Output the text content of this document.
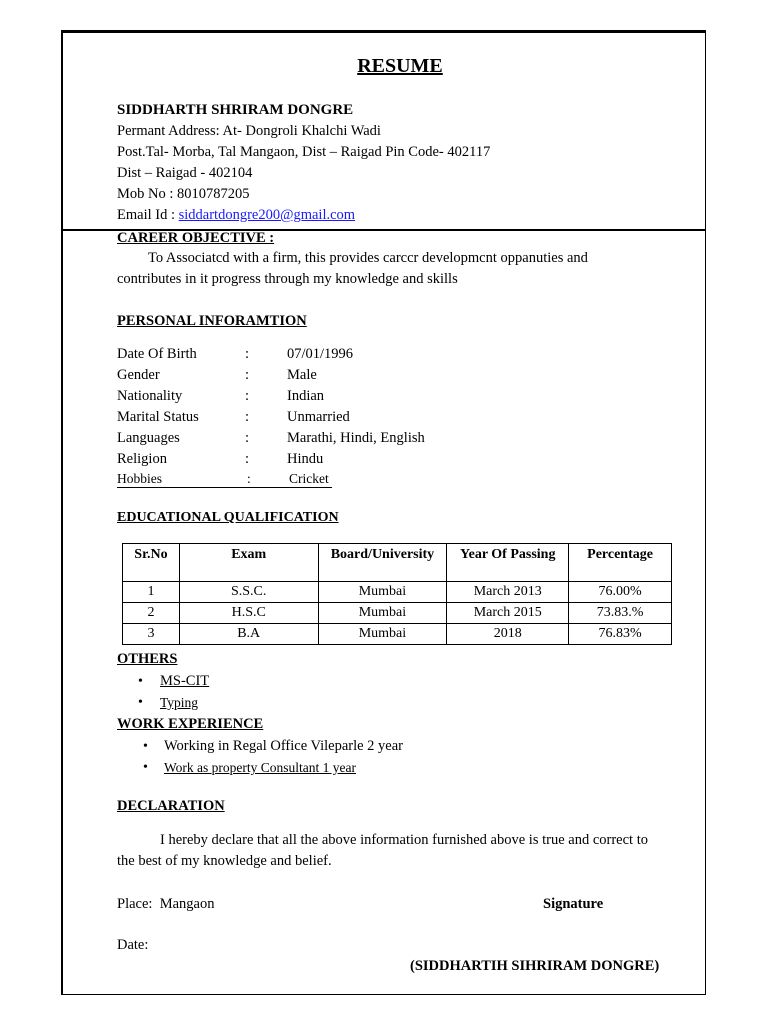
RESUME
SIDDHARTH SHRIRAM DONGRE
Permant Address: At- Dongroli Khalchi Wadi
Post.Tal- Morba, Tal Mangaon, Dist – Raigad Pin Code- 402117
Dist – Raigad - 402104
Mob No : 8010787205
Email Id : siddartdongre200@gmail.com
CAREER OBJECTIVE :
To Associatcd with a firm, this provides carccr developmcnt oppanuties and
contributes in it progress through my knowledge and skills
PERSONAL INFORAMTION
Date Of Birth	:	07/01/1996
Gender	:	Male
Nationality	:	Indian
Marital Status	:	Unmarried
Languages	:	Marathi, Hindi, English
Religion	:	Hindu
Hobbies	:	Cricket
EDUCATIONAL QUALIFICATION
Sr.No	Exam	Board/University	Year Of Passing	Percentage
1	S.S.C.	Mumbai	March 2013	76.00%
2	H.S.C	Mumbai	March 2015	73.83.%
3	B.A	Mumbai	2018	76.83%
OTHERS
• MS-CIT
• Typing
WORK EXPERIENCE
• Working in Regal Office Vileparle 2 year
• Work as property Consultant 1 year
DECLARATION
I hereby declare that all the above information furnished above is true and correct to
the best of my knowledge and belief.
Place: Mangaon	Signature
Date:
(SIDDHARTIH SIHRIRAM DONGRE)
